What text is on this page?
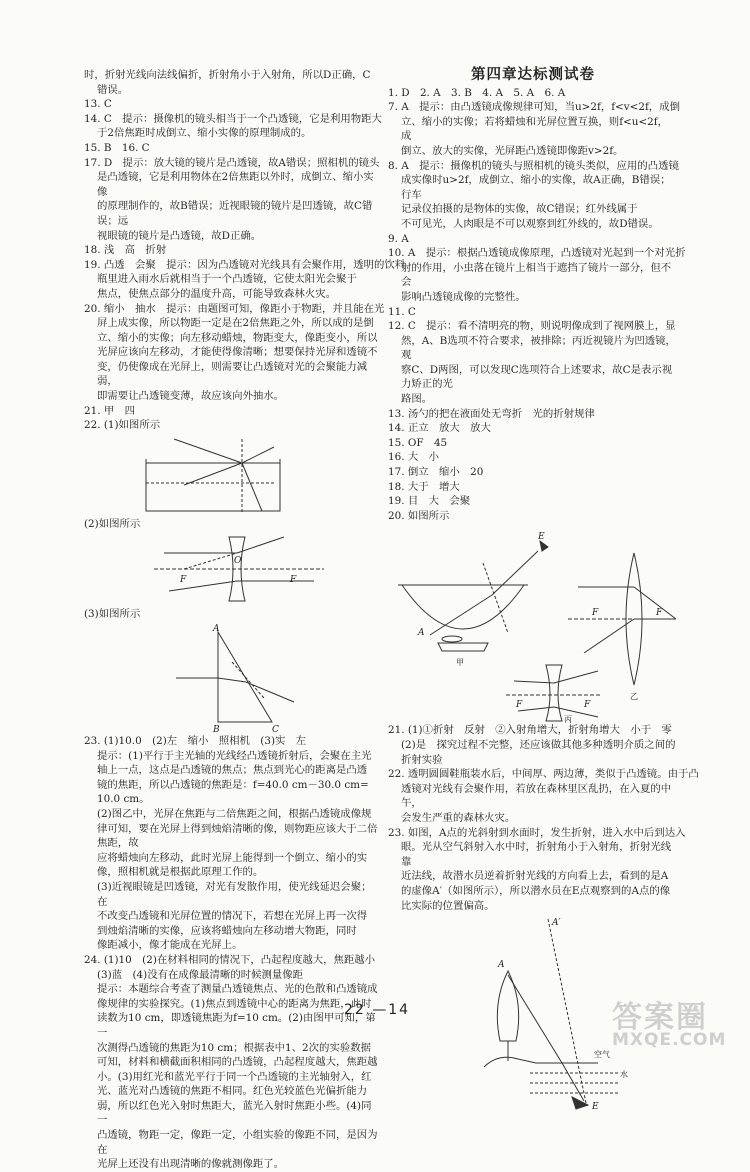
时，折射光线向法线偏折，折射角小于入射角，所以D正确，C
错误。
13. C
14. C　提示：摄像机的镜头相当于一个凸透镜，它是利用物距大
于2倍焦距时成倒立、缩小实像的原理制成的。
15. B　16. C
17. D　提示：放大镜的镜片是凸透镜，故A错误；照相机的镜头
是凸透镜，它是利用物体在2倍焦距以外时，成倒立、缩小实像
的原理制作的，故B错误；近视眼镜的镜片是凹透镜，故C错误；远
视眼镜的镜片是凸透镜，故D正确。
18. 浅　高　折射
19. 凸透　会聚　提示：因为凸透镜对光线具有会聚作用，透明的饮料
瓶里进入雨水后就相当于一个凸透镜，它使太阳光会聚于
焦点，使焦点部分的温度升高，可能导致森林火灾。
20. 缩小　抽水　提示：由题图可知，像距小于物距，并且能在光
屏上成实像，所以物距一定是在2倍焦距之外，所以成的是倒
立、缩小的实像；向左移动蜡烛，物距变大，像距变小，所以
光屏应该向左移动，才能使得像清晰；想要保持光屏和透镜不
变，仍使像成在光屏上，则需要让凸透镜对光的会聚能力减弱，
即需要让凸透镜变薄，故应该向外抽水。
21. 甲　四
22. (1)如图所示
(2)如图所示
F
O
F
(3)如图所示
A
B	C
23. (1)10.0　(2)左　缩小　照相机　(3)实　左
提示：(1)平行于主光轴的光线经凸透镜折射后，会聚在主光
轴上一点，这点是凸透镜的焦点；焦点到光心的距离是凸透
镜的焦距，所以凸透镜的焦距是：f=40.0 cm－30.0 cm=
10.0 cm。
(2)图乙中，光屏在焦距与二倍焦距之间，根据凸透镜成像规
律可知，要在光屏上得到烛焰清晰的像，则物距应该大于二倍焦距，故
应将蜡烛向左移动，此时光屏上能得到一个倒立、缩小的实
像，照相机就是根据此原理工作的。
(3)近视眼镜是凹透镜，对光有发散作用，使光线延迟会聚；在
不改变凸透镜和光屏位置的情况下，若想在光屏上再一次得
到烛焰清晰的实像，应该将蜡烛向左移动增大物距，同时
像距减小，像才能成在光屏上。
24. (1)10　(2)在材料相同的情况下，凸起程度越大，焦距越小
(3)蓝　(4)没有在成像最清晰的时候测量像距
提示：本题综合考查了测量凸透镜焦点、光的色散和凸透镜成
像规律的实验探究。(1)焦点到透镜中心的距离为焦距，此时
读数为10 cm，即透镜焦距为f=10 cm。(2)由图甲可知，第一
次测得凸透镜的焦距为10 cm；根据表中1、2次的实验数据
可知，材料和横截面积相同的凸透镜，凸起程度越大，焦距越
小。(3)用红光和蓝光平行于同一个凸透镜的主光轴射入，红
光、蓝光对凸透镜的焦距不相同。红色光较蓝色光偏折能力
弱，所以红色光入射时焦距大，蓝光入射时焦距小些。(4)同一
凸透镜，物距一定，像距一定，小组实验的像距不同，是因为在
光屏上还没有出现清晰的像就测像距了。
第四章达标测试卷
1. D　2. A　3. B　4. A　5. A　6. A
7. A　提示：由凸透镜成像规律可知，当u>2f，f<v<2f，成倒
立、缩小的实像；若将蜡烛和光屏位置互换，则f<u<2f，成
倒立、放大的实像，光屏距凸透镜即像距v>2f。
8. A　提示：摄像机的镜头与照相机的镜头类似，应用的凸透镜
成实像时u>2f，成倒立、缩小的实像，故A正确，B错误；行车
记录仪拍摄的是物体的实像，故C错误；红外线属于
不可见光，人肉眼是不可以观察到红外线的，故D错误。
9. A
10. A　提示：根据凸透镜成像原理，凸透镜对光起到一个对光折
射的作用，小虫落在镜片上相当于遮挡了镜片一部分，但不会
影响凸透镜成像的完整性。
11. C
12. C　提示：看不清明亮的物，则说明像成到了视网膜上，显
然，A、B选项不符合要求，被排除；丙近视镜片为凹透镜，观
察C、D两图，可以发现C选项符合上述要求，故C是表示视力矫正的光
路图。
13. 汤勺的把在液面处无弯折　光的折射规律
14. 正立　放大　放大
15. OF　45
16. 大　小
17. 倒立　缩小　20
18. 大于　增大
19. 目　大　会聚
20. 如图所示
E
A
甲
F	F
乙
F	F
丙
21. (1)①折射　反射　②入射角增大，折射角增大　小于　零
(2)是　探究过程不完整，还应该做其他多种透明介质之间的
折射实验
22. 透明圆圆鞋瓶装水后，中间厚、两边薄，类似于凸透镜。由于凸
透镜对光线有会聚作用，若放在森林里区乱扔，在入夏的中午，
会发生严重的森林火灾。
23. 如图，A点的光斜射到水面时，发生折射，进入水中后到达入
眼。光从空气斜射入水中时，折射角小于入射角，折射光线靠
近法线，故潜水员逆着折射光线的方向看上去，看到的是A
的虚像A′（如图所示），所以潜水员在E点观察到的A点的像
比实际的位置偏高。
A′
A
空气
水
E
22 —14	答案圈
MXQE.COM
